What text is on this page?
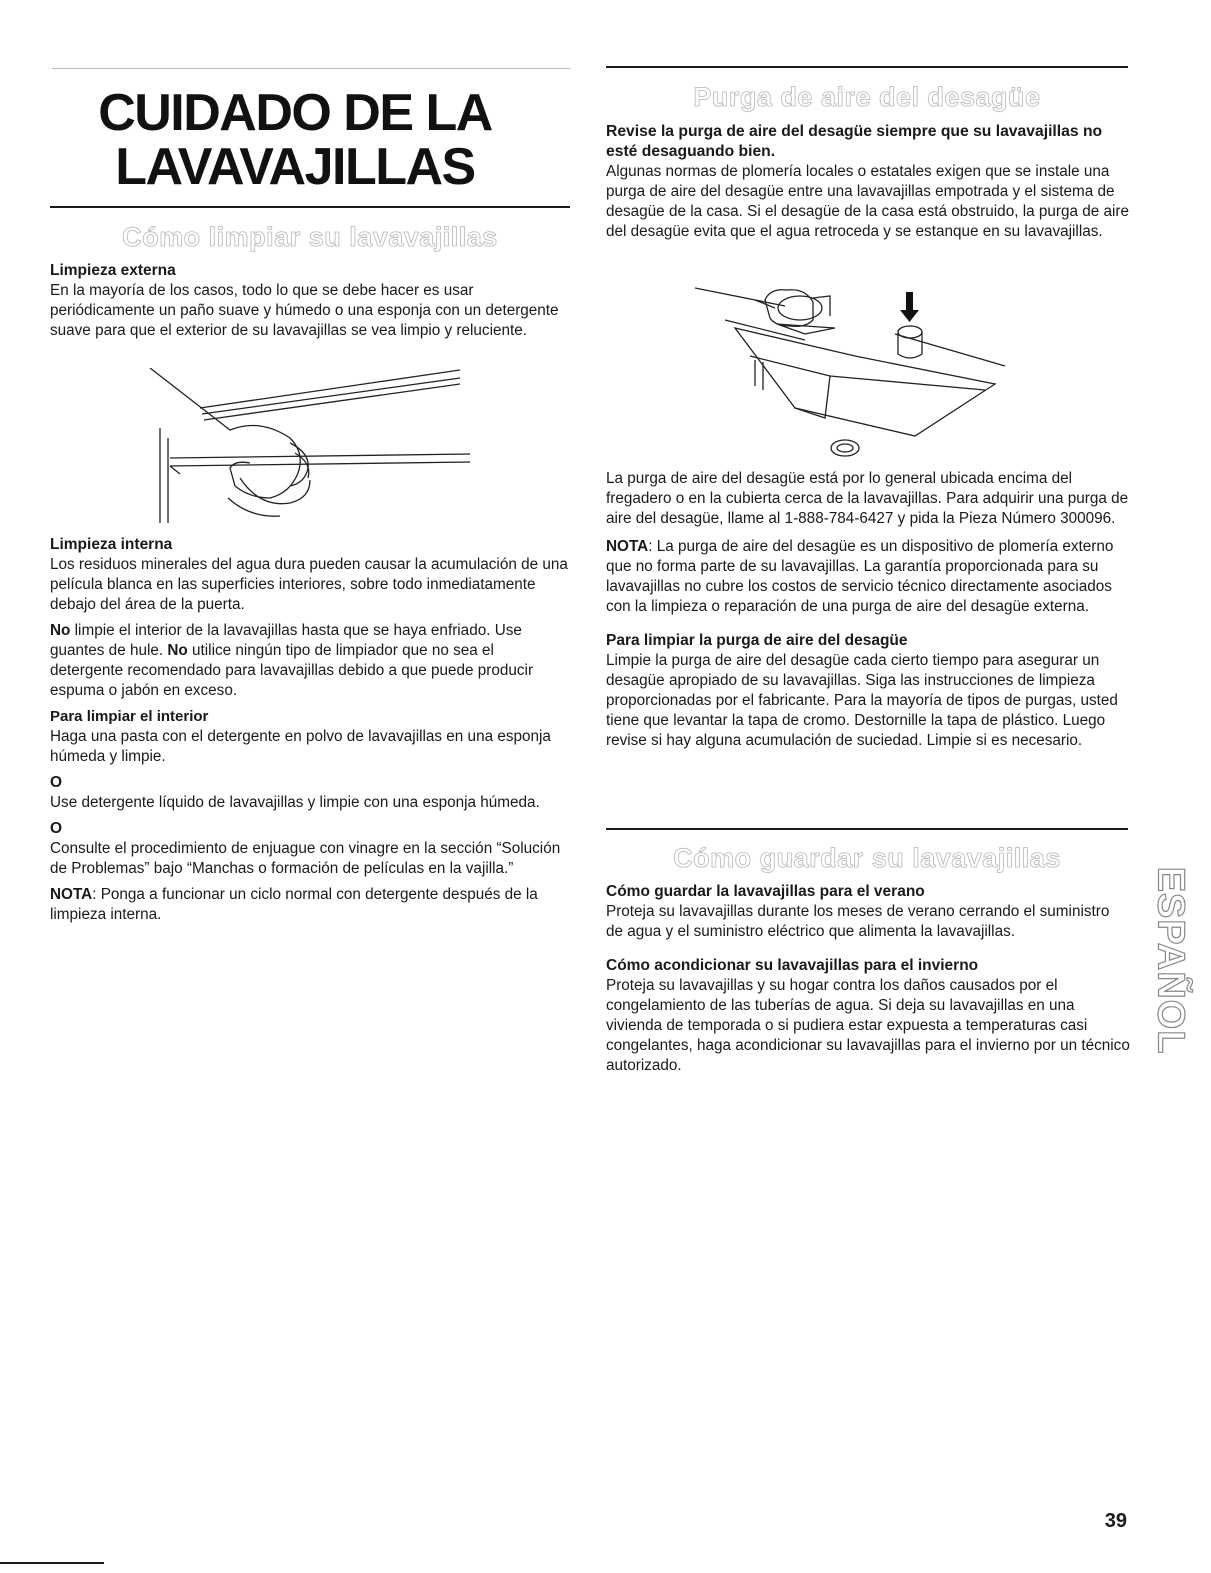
CUIDADO DE LA
LAVAVAJILLAS
Cómo limpiar su lavavajillas
Limpieza externa

En la mayoría de los casos, todo lo que se debe hacer es usar periódicamente un paño suave y húmedo o una esponja con un detergente suave para que el exterior de su lavavajillas se vea limpio y reluciente.

Limpieza interna

Los residuos minerales del agua dura pueden causar la acumulación de una película blanca en las superficies interiores, sobre todo inmediatamente debajo del área de la puerta.

No limpie el interior de la lavavajillas hasta que se haya enfriado. Use guantes de hule. No utilice ningún tipo de limpiador que no sea el detergente recomendado para lavavajillas debido a que puede producir espuma o jabón en exceso.

Para limpiar el interior

Haga una pasta con el detergente en polvo de lavavajillas en una esponja húmeda y limpie.

O

Use detergente líquido de lavavajillas y limpie con una esponja húmeda.

O

Consulte el procedimiento de enjuague con vinagre en la sección “Solución de Problemas” bajo “Manchas o formación de películas en la vajilla.”

NOTA: Ponga a funcionar un ciclo normal con detergente después de la limpieza interna.

Purga de aire del desagüe
Revise la purga de aire del desagüe siempre que su lavavajillas no esté desaguando bien.

Algunas normas de plomería locales o estatales exigen que se instale una purga de aire del desagüe entre una lavavajillas empotrada y el sistema de desagüe de la casa. Si el desagüe de la casa está obstruido, la purga de aire del desagüe evita que el agua retroceda y se estanque en su lavavajillas.

La purga de aire del desagüe está por lo general ubicada encima del fregadero o en la cubierta cerca de la lavavajillas. Para adquirir una purga de aire del desagüe, llame al 1-888-784-6427 y pida la Pieza Número 300096.

NOTA: La purga de aire del desagüe es un dispositivo de plomería externo que no forma parte de su lavavajillas. La garantía proporcionada para su lavavajillas no cubre los costos de servicio técnico directamente asociados con la limpieza o reparación de una purga de aire del desagüe externa.

Para limpiar la purga de aire del desagüe

Limpie la purga de aire del desagüe cada cierto tiempo para asegurar un desagüe apropiado de su lavavajillas. Siga las instrucciones de limpieza proporcionadas por el fabricante. Para la mayoría de tipos de purgas, usted tiene que levantar la tapa de cromo. Destornille la tapa de plástico. Luego revise si hay alguna acumulación de suciedad. Limpie si es necesario.

Cómo guardar su lavavajillas
Cómo guardar la lavavajillas para el verano

Proteja su lavavajillas durante los meses de verano cerrando el suministro de agua y el suministro eléctrico que alimenta la lavavajillas.

Cómo acondicionar su lavavajillas para el invierno

Proteja su lavavajillas y su hogar contra los daños causados por el congelamiento de las tuberías de agua. Si deja su lavavajillas en una vivienda de temporada o si pudiera estar expuesta a temperaturas casi congelantes, haga acondicionar su lavavajillas para el invierno por un técnico autorizado.

ESPAÑOL
39
